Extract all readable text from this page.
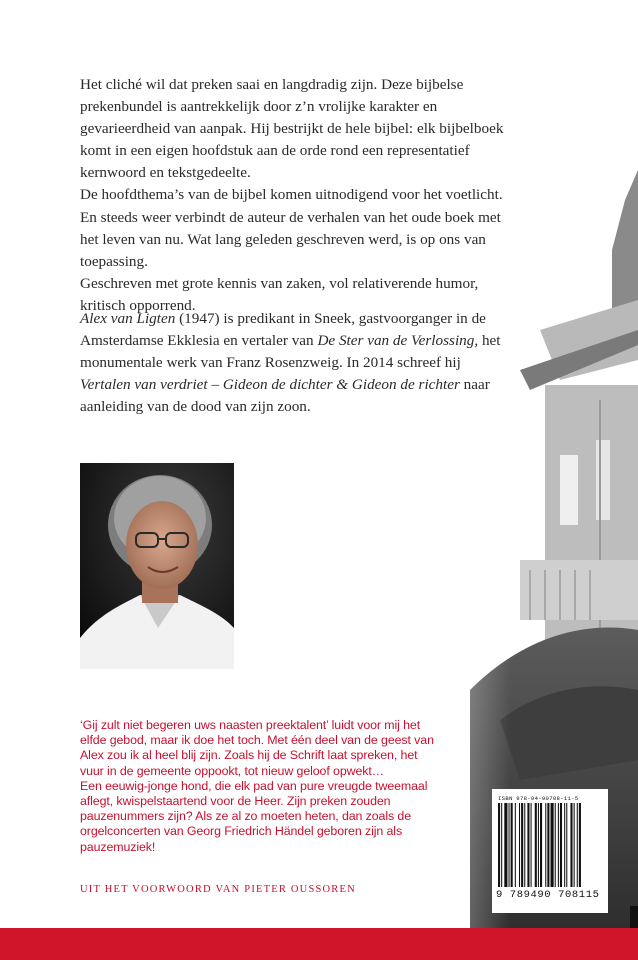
Het cliché wil dat preken saai en langdradig zijn. Deze bijbelse

prekenbundel is aantrekkelijk door z’n vrolijke karakter en

gevarieerdheid van aanpak. Hij bestrijkt de hele bijbel: elk bijbelboek

komt in een eigen hoofdstuk aan de orde rond een representatief

kernwoord en tekstgedeelte.

De hoofdthema’s van de bijbel komen uitnodigend voor het voetlicht.

En steeds weer verbindt de auteur de verhalen van het oude boek met

het leven van nu. Wat lang geleden geschreven werd, is op ons van

toepassing.

Geschreven met grote kennis van zaken, vol relativerende humor,

kritisch opporrend.

Alex van Ligten (1947) is predikant in Sneek, gastvoorganger in de
Amsterdamse Ekklesia en vertaler van De Ster van de Verlossing, het
monumentale werk van Franz Rosenzweig. In 2014 schreef hij
Vertalen van verdriet – Gideon de dichter & Gideon de richter naar
aanleiding van de dood van zijn zoon.

‘Gij zult niet begeren uws naasten preektalent’ luidt voor mij het

elfde gebod, maar ik doe het toch. Met één deel van de geest van

Alex zou ik al heel blij zijn. Zoals hij de Schrift laat spreken, het

vuur in de gemeente oppookt, tot nieuw geloof opwekt…

Een eeuwig-jonge hond, die elk pad van pure vreugde tweemaal

aflegt, kwispelstaartend voor de Heer. Zijn preken zouden

pauzenummers zijn? Als ze al zo moeten heten, dan zoals de

orgelconcerten van Georg Friedrich Händel geboren zijn als

pauzemuziek!

UIT HET VOORWOORD VAN PIETER OUSSOREN
ISBN 978-94-90708-11-5
9 789490 708115
